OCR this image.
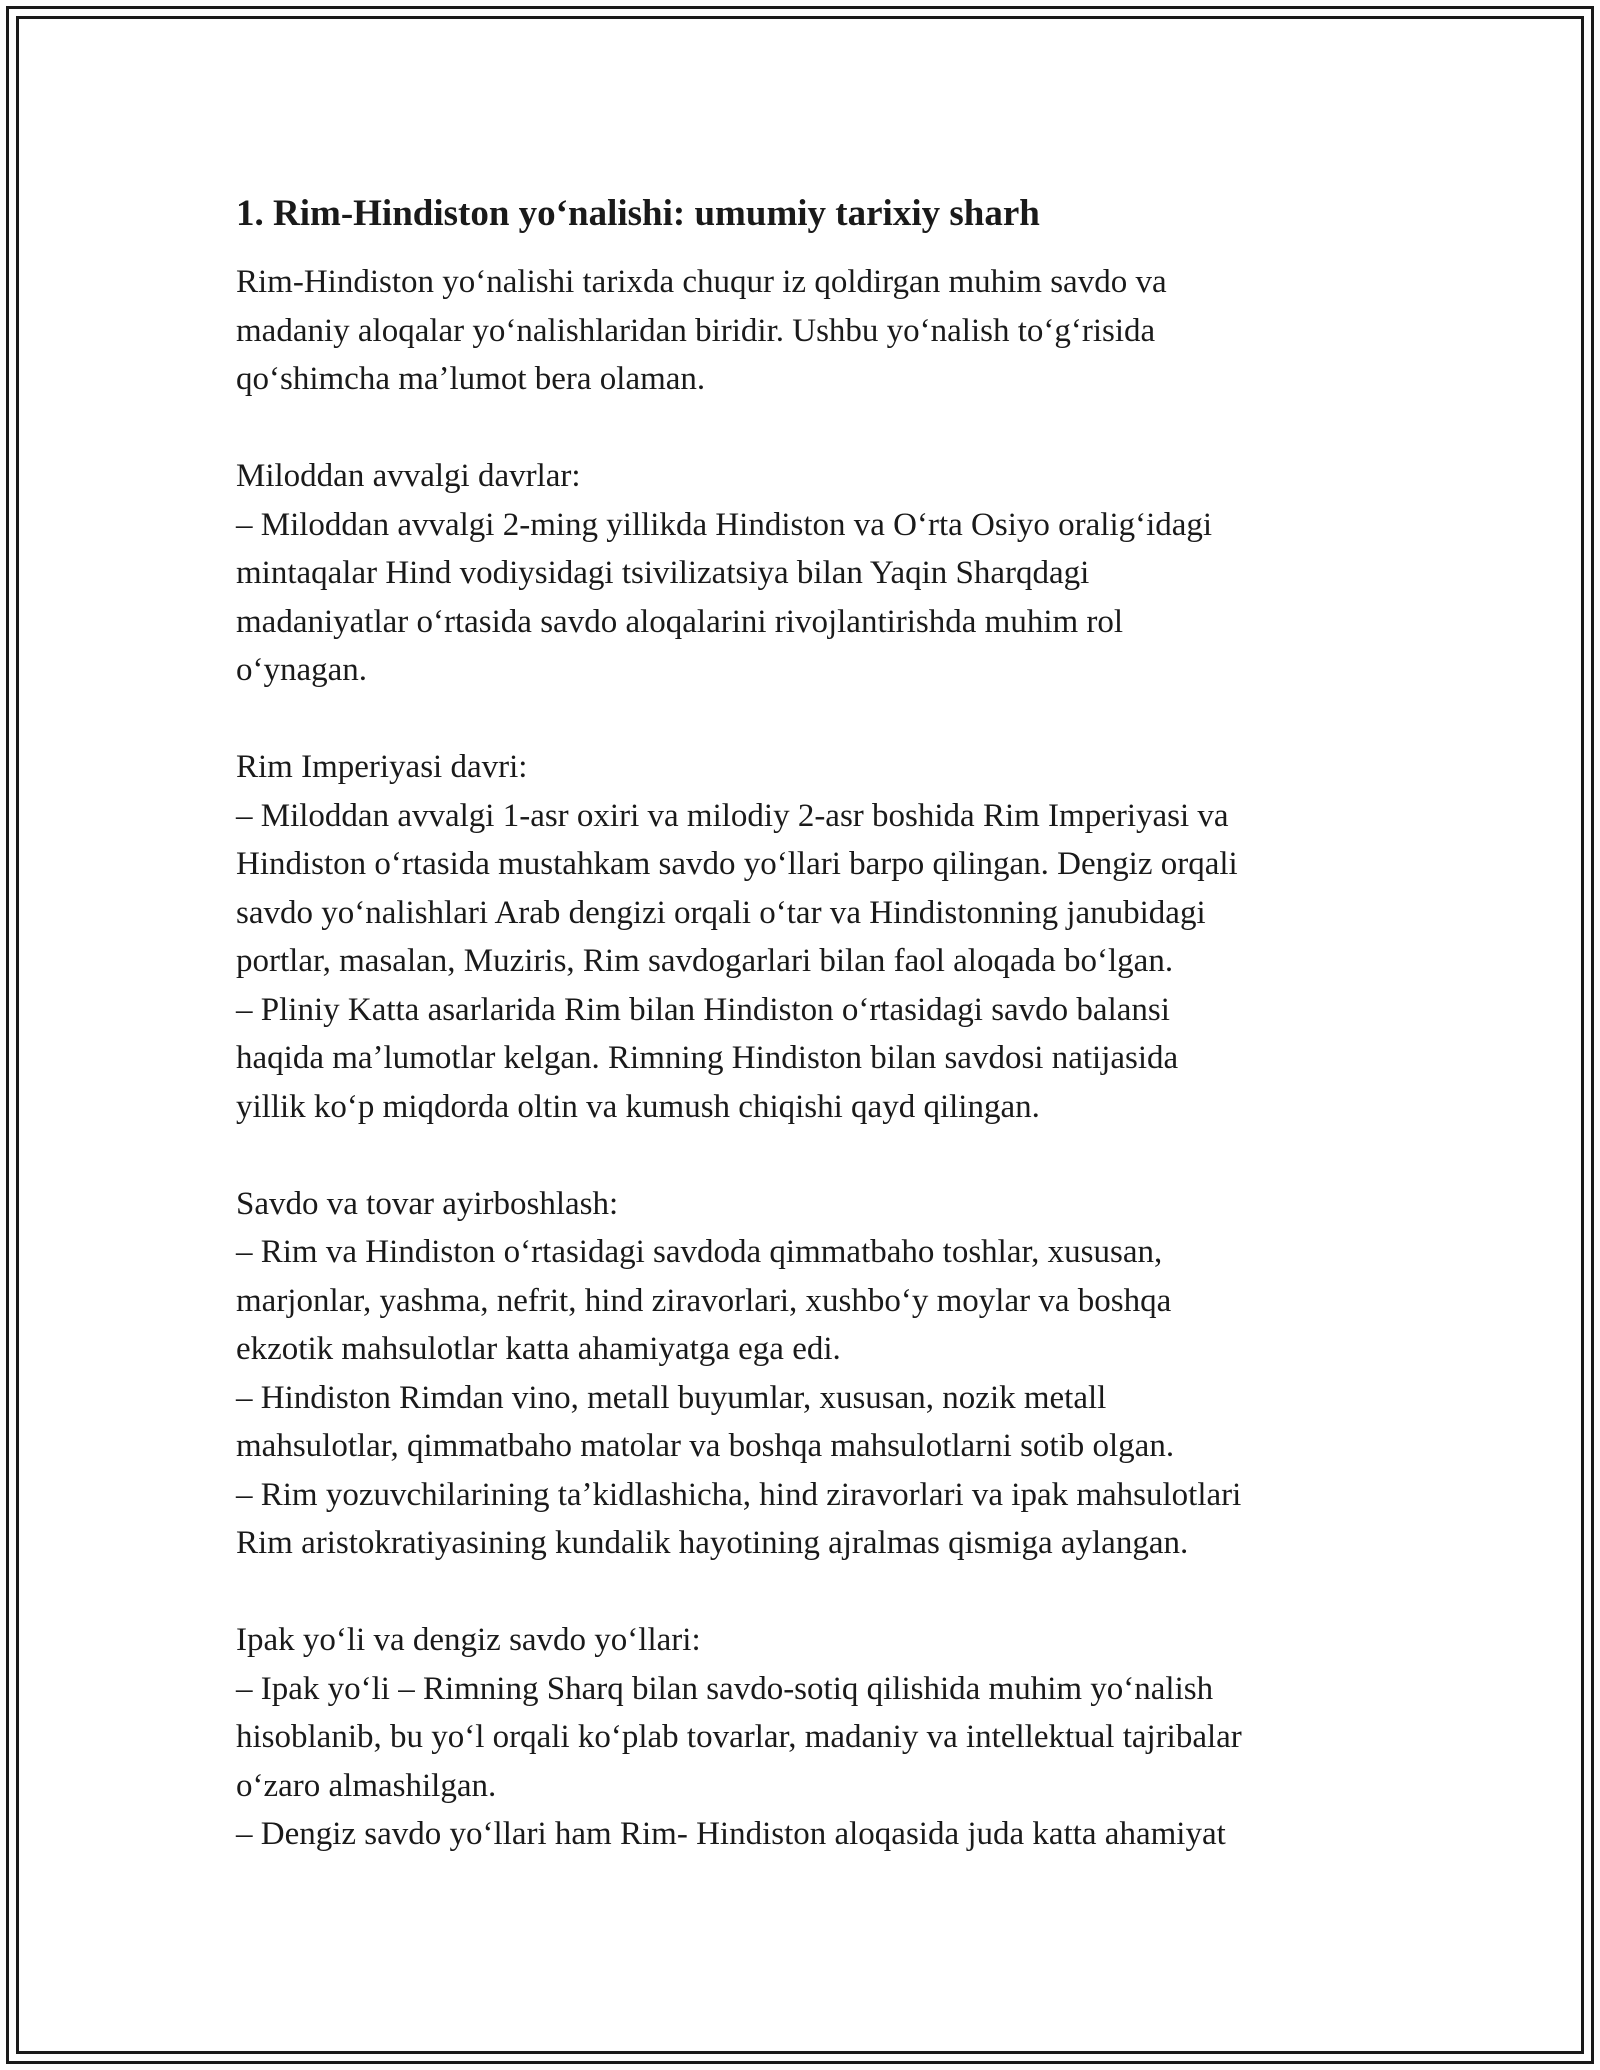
1. Rim-Hindiston yoʻnalishi: umumiy tarixiy sharh
Rim-Hindiston yoʻnalishi tarixda chuqur iz qoldirgan muhim savdo va
madaniy aloqalar yoʻnalishlaridan biridir. Ushbu yoʻnalish toʻgʻrisida
qoʻshimcha maʼlumot bera olaman.
Miloddan avvalgi davrlar:
– Miloddan avvalgi 2-ming yillikda Hindiston va Oʻrta Osiyo oraligʻidagi
mintaqalar Hind vodiysidagi tsivilizatsiya bilan Yaqin Sharqdagi
madaniyatlar oʻrtasida savdo aloqalarini rivojlantirishda muhim rol
oʻynagan.
Rim Imperiyasi davri:
– Miloddan avvalgi 1-asr oxiri va milodiy 2-asr boshida Rim Imperiyasi va
Hindiston oʻrtasida mustahkam savdo yoʻllari barpo qilingan. Dengiz orqali
savdo yoʻnalishlari Arab dengizi orqali oʻtar va Hindistonning janubidagi
portlar, masalan, Muziris, Rim savdogarlari bilan faol aloqada boʻlgan.
– Pliniy Katta asarlarida Rim bilan Hindiston oʻrtasidagi savdo balansi
haqida maʼlumotlar kelgan. Rimning Hindiston bilan savdosi natijasida
yillik koʻp miqdorda oltin va kumush chiqishi qayd qilingan.
Savdo va tovar ayirboshlash:
– Rim va Hindiston oʻrtasidagi savdoda qimmatbaho toshlar, xususan,
marjonlar, yashma, nefrit, hind ziravorlari, xushboʻy moylar va boshqa
ekzotik mahsulotlar katta ahamiyatga ega edi.
– Hindiston Rimdan vino, metall buyumlar, xususan, nozik metall
mahsulotlar, qimmatbaho matolar va boshqa mahsulotlarni sotib olgan.
– Rim yozuvchilarining taʼkidlashicha, hind ziravorlari va ipak mahsulotlari
Rim aristokratiyasining kundalik hayotining ajralmas qismiga aylangan.
Ipak yoʻli va dengiz savdo yoʻllari:
– Ipak yoʻli – Rimning Sharq bilan savdo-sotiq qilishida muhim yoʻnalish
hisoblanib, bu yoʻl orqali koʻplab tovarlar, madaniy va intellektual tajribalar
oʻzaro almashilgan.
– Dengiz savdo yoʻllari ham Rim- Hindiston aloqasida juda katta ahamiyat
